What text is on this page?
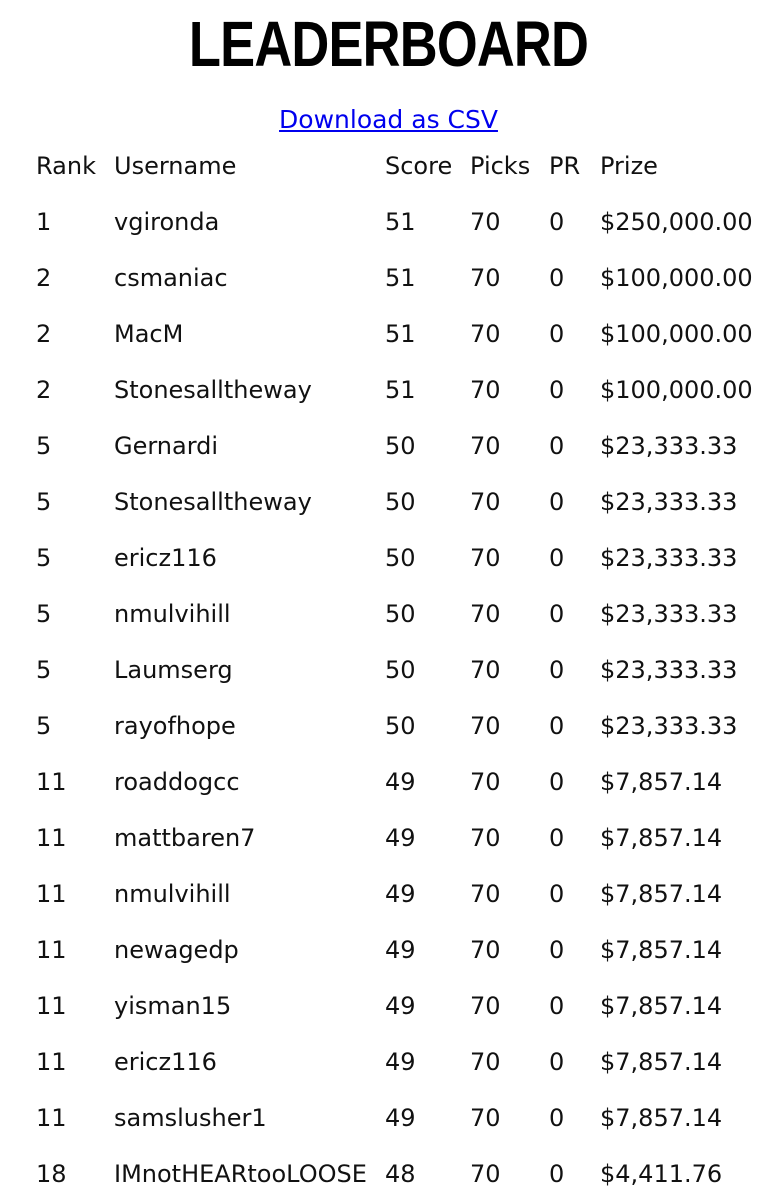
LEADERBOARD
Download as CSV
Rank	Username	Score	Picks	PR	Prize
1	vgironda	51	70	0	$250,000.00
2	csmaniac	51	70	0	$100,000.00
2	MacM	51	70	0	$100,000.00
2	Stonesalltheway	51	70	0	$100,000.00
5	Gernardi	50	70	0	$23,333.33
5	Stonesalltheway	50	70	0	$23,333.33
5	ericz116	50	70	0	$23,333.33
5	nmulvihill	50	70	0	$23,333.33
5	Laumserg	50	70	0	$23,333.33
5	rayofhope	50	70	0	$23,333.33
11	roaddogcc	49	70	0	$7,857.14
11	mattbaren7	49	70	0	$7,857.14
11	nmulvihill	49	70	0	$7,857.14
11	newagedp	49	70	0	$7,857.14
11	yisman15	49	70	0	$7,857.14
11	ericz116	49	70	0	$7,857.14
11	samslusher1	49	70	0	$7,857.14
18	IMnotHEARtooLOOSE	48	70	0	$4,411.76
